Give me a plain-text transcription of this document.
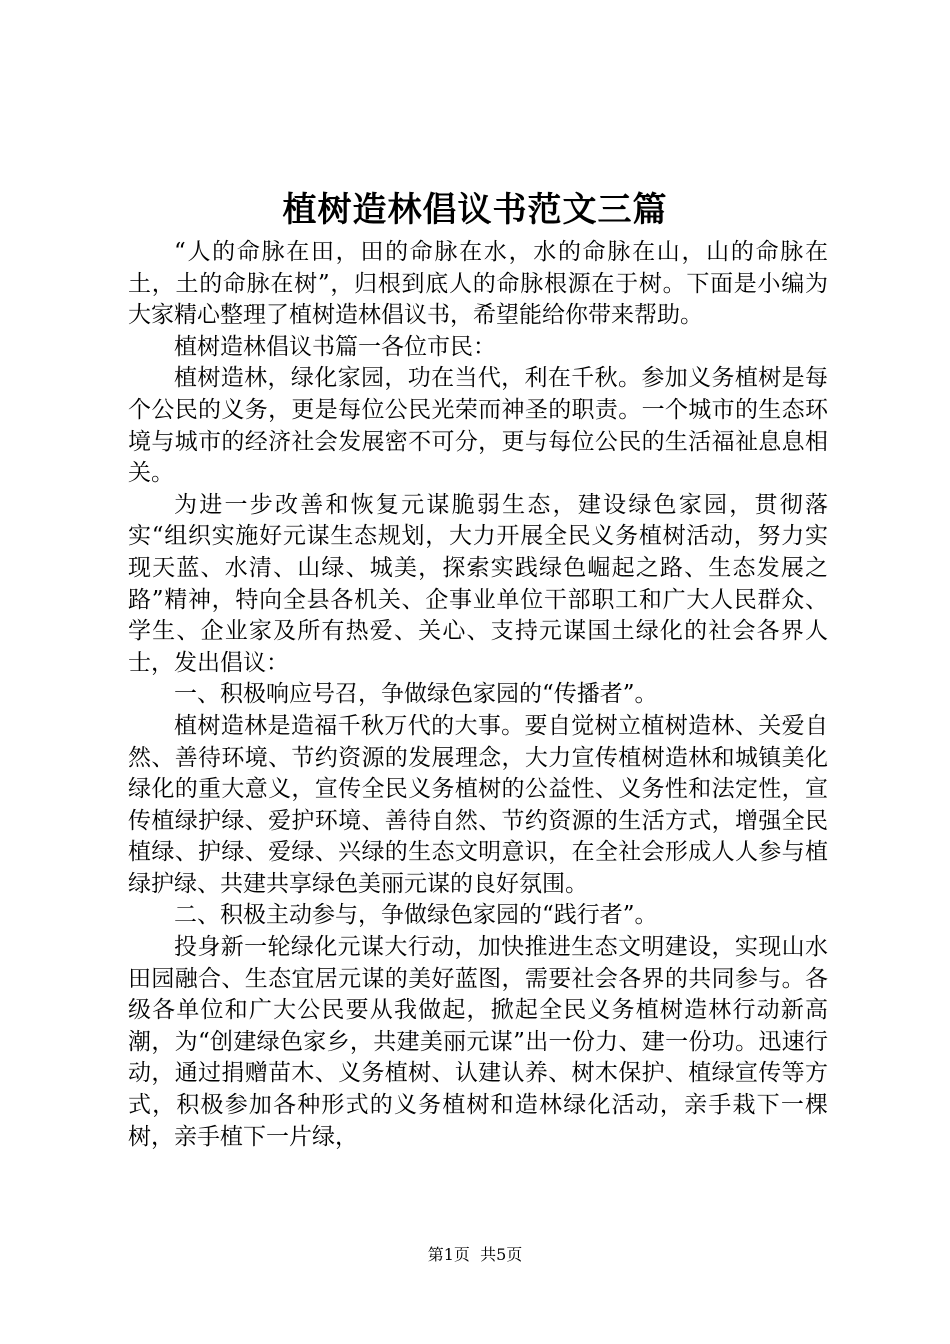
植树造林倡议书范文三篇

“人的命脉在田，田的命脉在水，水的命脉在山，山的命脉在土，土的命脉在树”，归根到底人的命脉根源在于树。下面是小编为大家精心整理了植树造林倡议书，希望能给你带来帮助。

植树造林倡议书篇一各位市民：

植树造林，绿化家园，功在当代，利在千秋。参加义务植树是每个公民的义务，更是每位公民光荣而神圣的职责。一个城市的生态环境与城市的经济社会发展密不可分，更与每位公民的生活福祉息息相关。

为进一步改善和恢复元谋脆弱生态，建设绿色家园，贯彻落实“组织实施好元谋生态规划，大力开展全民义务植树活动，努力实现天蓝、水清、山绿、城美，探索实践绿色崛起之路、生态发展之路”精神，特向全县各机关、企事业单位干部职工和广大人民群众、学生、企业家及所有热爱、关心、支持元谋国土绿化的社会各界人士，发出倡议：

一、积极响应号召，争做绿色家园的“传播者”。

植树造林是造福千秋万代的大事。要自觉树立植树造林、关爱自然、善待环境、节约资源的发展理念，大力宣传植树造林和城镇美化绿化的重大意义，宣传全民义务植树的公益性、义务性和法定性，宣传植绿护绿、爱护环境、善待自然、节约资源的生活方式，增强全民植绿、护绿、爱绿、兴绿的生态文明意识，在全社会形成人人参与植绿护绿、共建共享绿色美丽元谋的良好氛围。

二、积极主动参与，争做绿色家园的“践行者”。

投身新一轮绿化元谋大行动，加快推进生态文明建设，实现山水田园融合、生态宜居元谋的美好蓝图，需要社会各界的共同参与。各级各单位和广大公民要从我做起，掀起全民义务植树造林行动新高潮，为“创建绿色家乡，共建美丽元谋”出一份力、建一份功。迅速行动，通过捐赠苗木、义务植树、认建认养、树木保护、植绿宣传等方式，积极参加各种形式的义务植树和造林绿化活动，亲手栽下一棵树，亲手植下一片绿，

第1页 共5页
